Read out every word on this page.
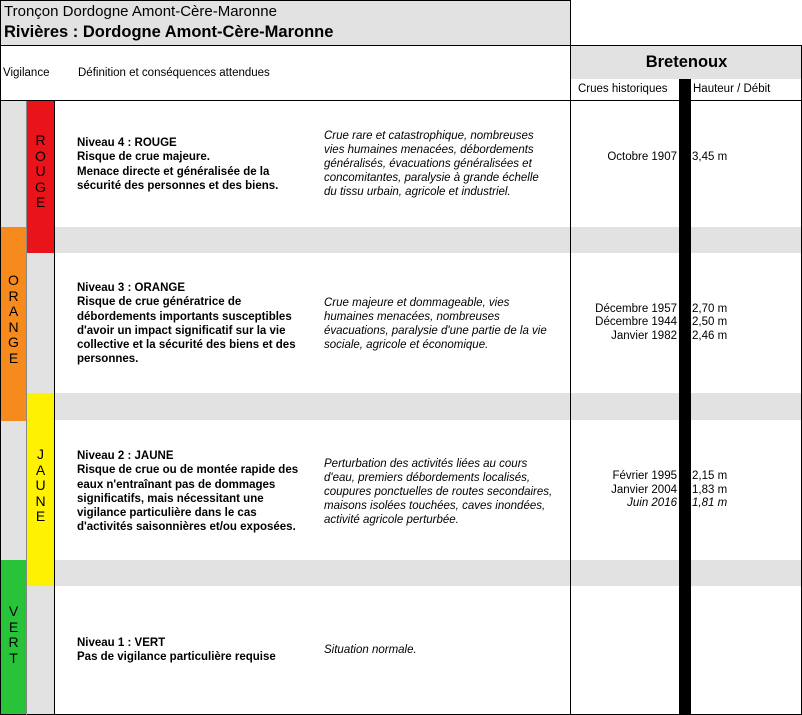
Tronçon Dordogne Amont-Cère-Maronne
Rivières : Dordogne Amont-Cère-Maronne
Vigilance Définition et conséquences attendues
Bretenoux
Crues historiques Hauteur / Débit
R
O
U
G
E
O
R
A
N
G
E
J
A
U
N
E
V
E
R
T
Niveau 4 : ROUGE
Risque de crue majeure.
Menace directe et généralisée de la
sécurité des personnes et des biens.
Crue rare et catastrophique, nombreuses
vies humaines menacées, débordements
généralisés, évacuations généralisées et
concomitantes, paralysie à grande échelle
du tissu urbain, agricole et industriel.
Niveau 3 : ORANGE
Risque de crue génératrice de
débordements importants susceptibles
d'avoir un impact significatif sur la vie
collective et la sécurité des biens et des
personnes.
Crue majeure et dommageable, vies
humaines menacées, nombreuses
évacuations, paralysie d'une partie de la vie
sociale, agricole et économique.
Niveau 2 : JAUNE
Risque de crue ou de montée rapide des
eaux n'entraînant pas de dommages
significatifs, mais nécessitant une
vigilance particulière dans le cas
d'activités saisonnières et/ou exposées.
Perturbation des activités liées au cours
d'eau, premiers débordements localisés,
coupures ponctuelles de routes secondaires,
maisons isolées touchées, caves inondées,
activité agricole perturbée.
Niveau 1 : VERT
Pas de vigilance particulière requise
Situation normale.
Octobre 1907 3,45 m
Décembre 1957 2,70 m
Décembre 1944 2,50 m
Janvier 1982 2,46 m
Février 1995 2,15 m
Janvier 2004 1,83 m
Juin 2016 1,81 m
